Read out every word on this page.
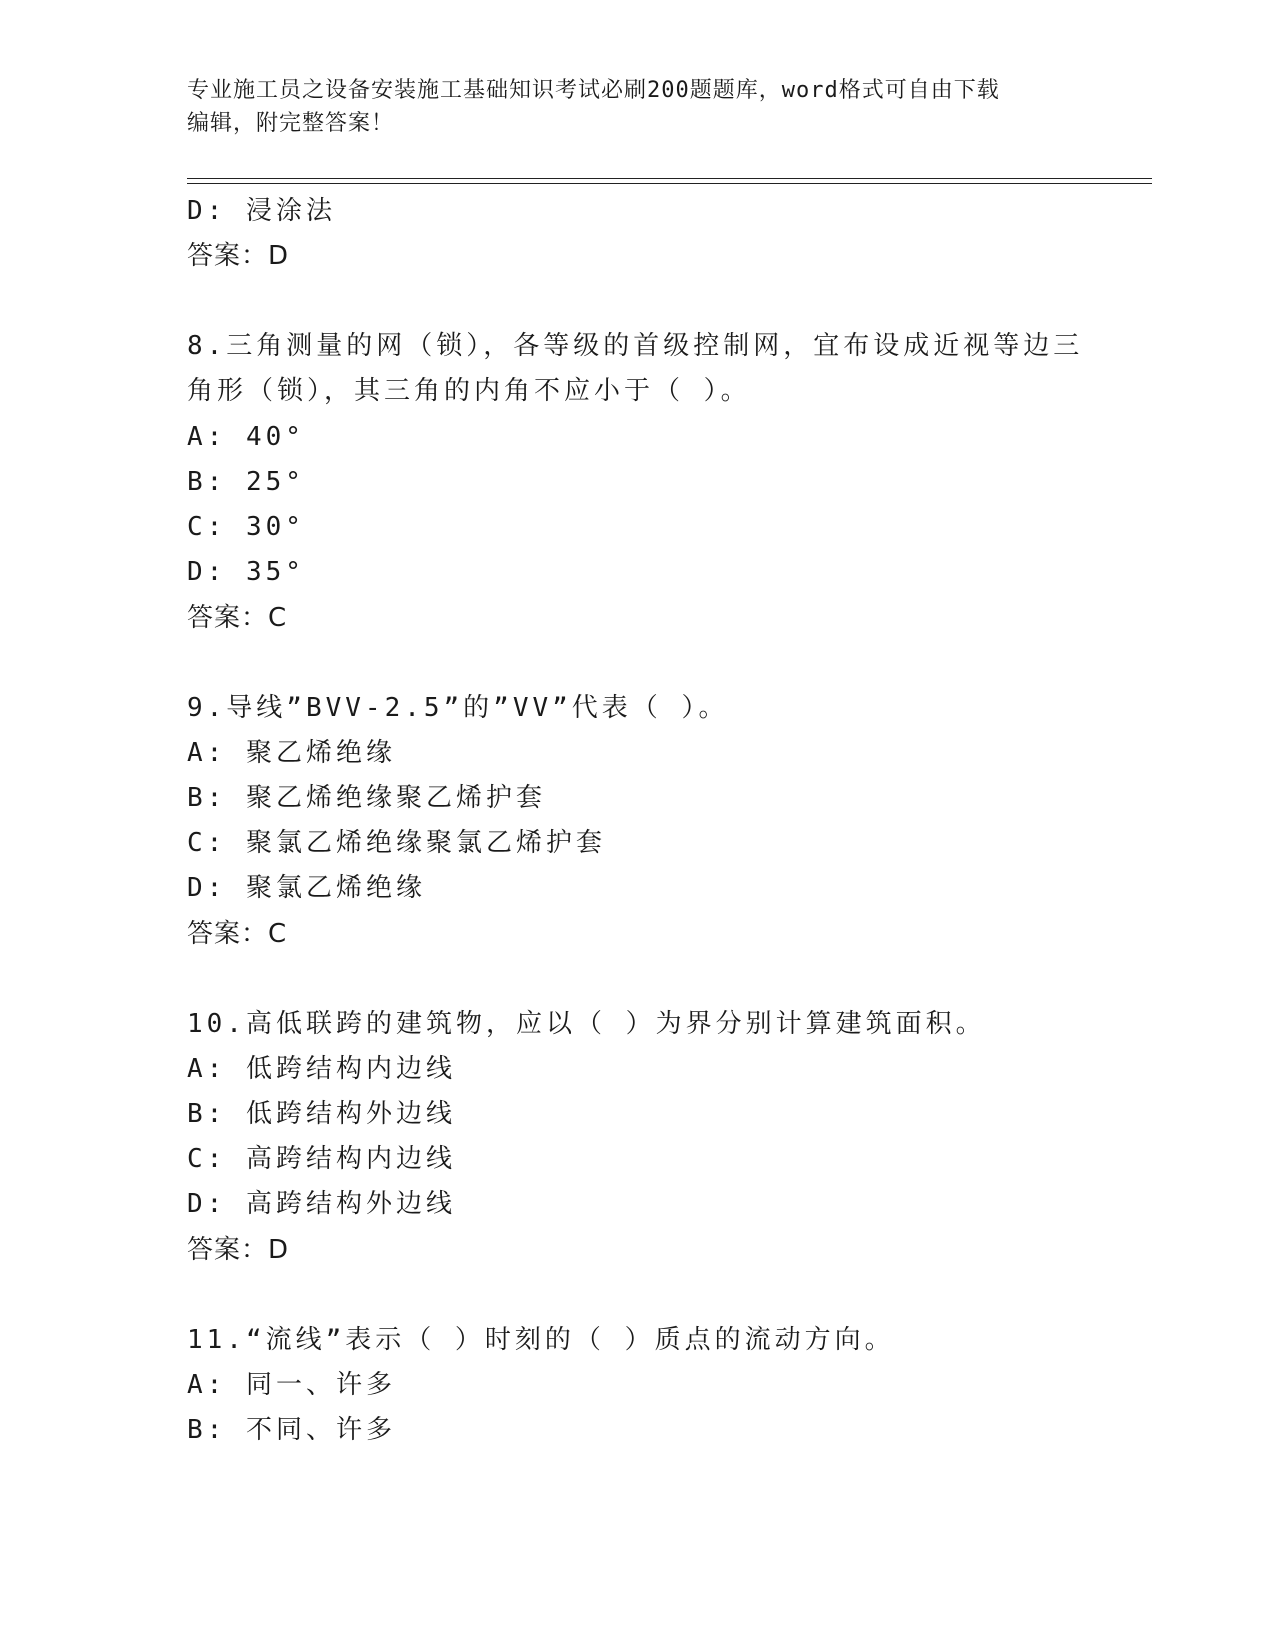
专业施工员之设备安装施工基础知识考试必刷200题题库，word格式可自由下载
编辑，附完整答案！
D: 浸涂法
答案：D
8.三角测量的网（锁），各等级的首级控制网，宜布设成近视等边三
角形（锁），其三角的内角不应小于（ ）。
A: 40°
B: 25°
C: 30°
D: 35°
答案：C
9.导线”BVV-2.5”的”VV”代表（ ）。
A: 聚乙烯绝缘
B: 聚乙烯绝缘聚乙烯护套
C: 聚氯乙烯绝缘聚氯乙烯护套
D: 聚氯乙烯绝缘
答案：C
10.高低联跨的建筑物，应以（ ）为界分别计算建筑面积。
A: 低跨结构内边线
B: 低跨结构外边线
C: 高跨结构内边线
D: 高跨结构外边线
答案：D
11.“流线”表示（ ）时刻的（ ）质点的流动方向。
A: 同一、许多
B: 不同、许多
